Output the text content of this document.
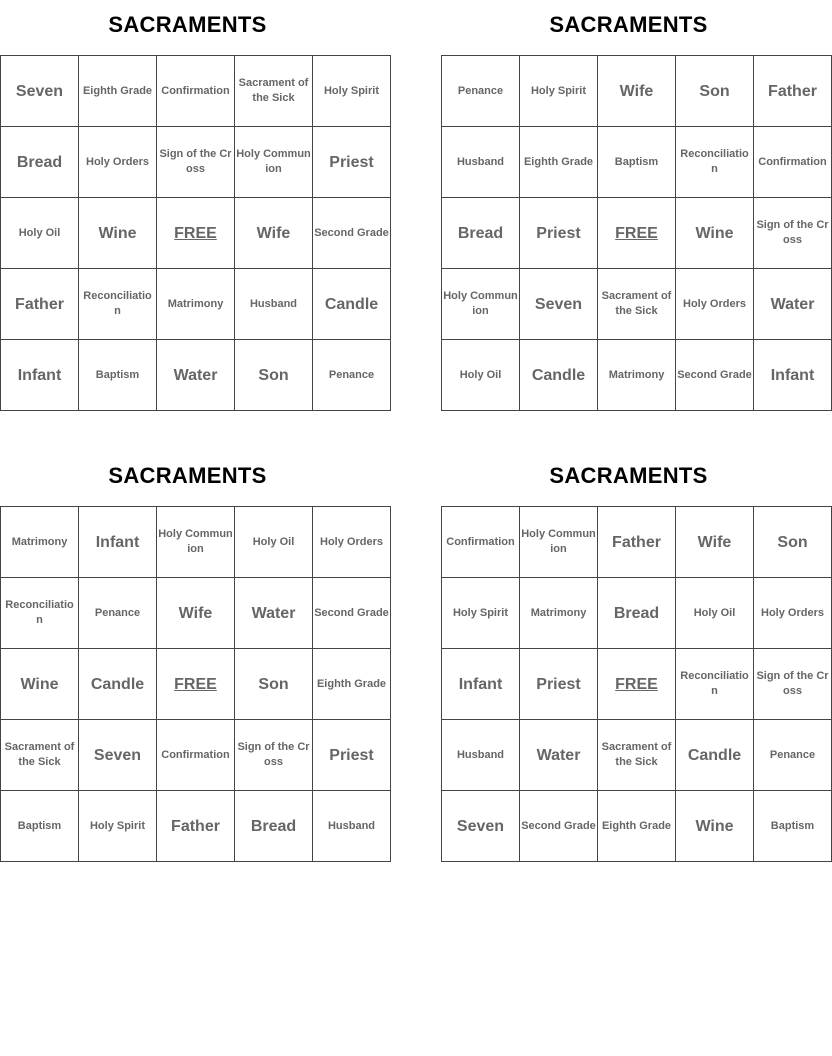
SACRAMENTS
Seven	Eighth Grade	Confirmation	Sacrament of the Sick	Holy Spirit
Bread	Holy Orders	Sign of the Cross	Holy Communion	Priest
Holy Oil	Wine	FREE	Wife	Second Grade
Father	Reconciliation	Matrimony	Husband	Candle
Infant	Baptism	Water	Son	Penance
SACRAMENTS
Penance	Holy Spirit	Wife	Son	Father
Husband	Eighth Grade	Baptism	Reconciliation	Confirmation
Bread	Priest	FREE	Wine	Sign of the Cross
Holy Communion	Seven	Sacrament of the Sick	Holy Orders	Water
Holy Oil	Candle	Matrimony	Second Grade	Infant
SACRAMENTS
Matrimony	Infant	Holy Communion	Holy Oil	Holy Orders
Reconciliation	Penance	Wife	Water	Second Grade
Wine	Candle	FREE	Son	Eighth Grade
Sacrament of the Sick	Seven	Confirmation	Sign of the Cross	Priest
Baptism	Holy Spirit	Father	Bread	Husband
SACRAMENTS
Confirmation	Holy Communion	Father	Wife	Son
Holy Spirit	Matrimony	Bread	Holy Oil	Holy Orders
Infant	Priest	FREE	Reconciliation	Sign of the Cross
Husband	Water	Sacrament of the Sick	Candle	Penance
Seven	Second Grade	Eighth Grade	Wine	Baptism
